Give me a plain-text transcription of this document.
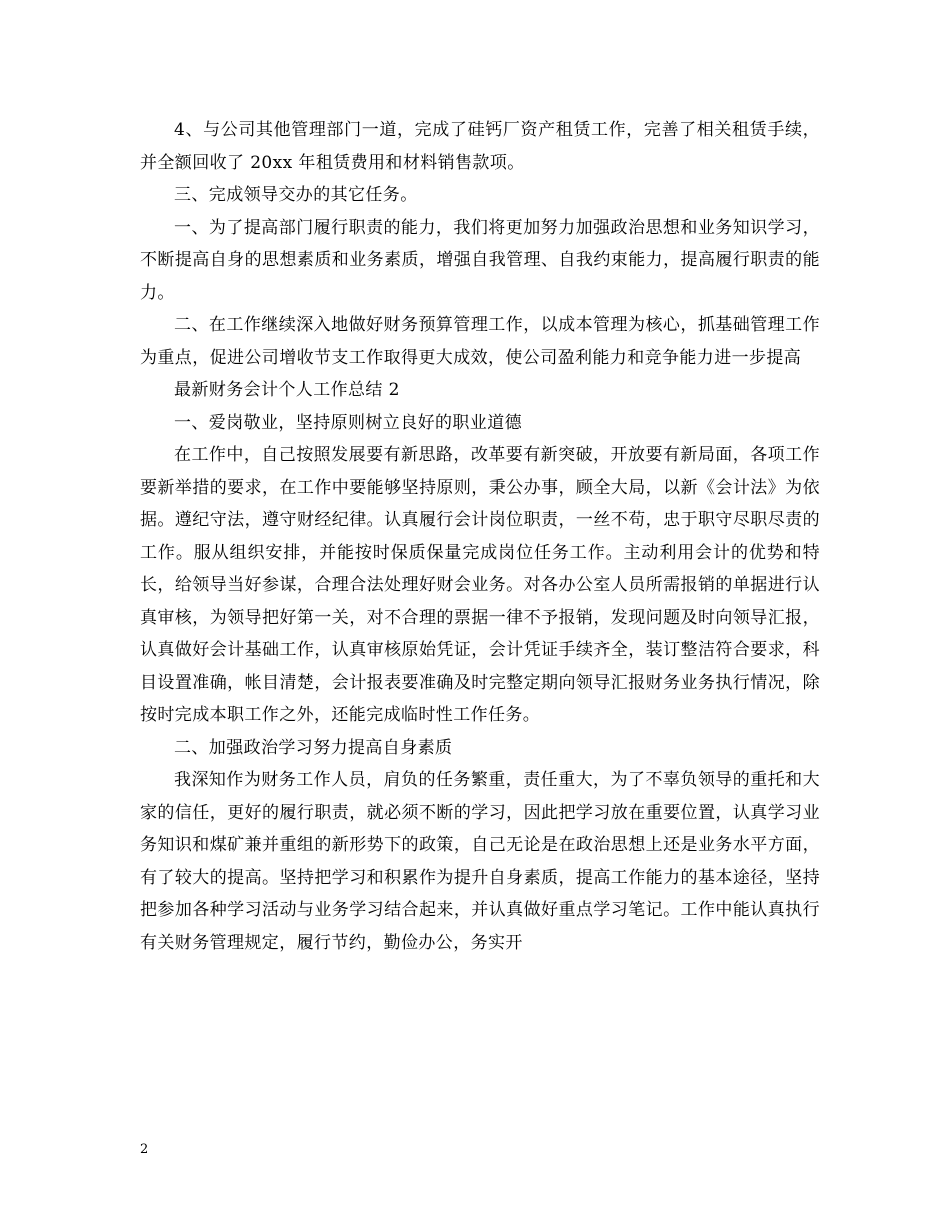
4、与公司其他管理部门一道，完成了硅钙厂资产租赁工作，完善了相关租赁手续，并全额回收了 20xx 年租赁费用和材料销售款项。

三、完成领导交办的其它任务。

一、为了提高部门履行职责的能力，我们将更加努力加强政治思想和业务知识学习，不断提高自身的思想素质和业务素质，增强自我管理、自我约束能力，提高履行职责的能力。

二、在工作继续深入地做好财务预算管理工作，以成本管理为核心，抓基础管理工作为重点，促进公司增收节支工作取得更大成效，使公司盈利能力和竞争能力进一步提高

最新财务会计个人工作总结 2

一、爱岗敬业，坚持原则树立良好的职业道德

在工作中，自己按照发展要有新思路，改革要有新突破，开放要有新局面，各项工作要新举措的要求，在工作中要能够坚持原则，秉公办事，顾全大局，以新《会计法》为依据。遵纪守法，遵守财经纪律。认真履行会计岗位职责，一丝不苟，忠于职守尽职尽责的工作。服从组织安排，并能按时保质保量完成岗位任务工作。主动利用会计的优势和特长，给领导当好参谋，合理合法处理好财会业务。对各办公室人员所需报销的单据进行认真审核，为领导把好第一关，对不合理的票据一律不予报销，发现问题及时向领导汇报，认真做好会计基础工作，认真审核原始凭证，会计凭证手续齐全，装订整洁符合要求，科目设置准确，帐目清楚，会计报表要准确及时完整定期向领导汇报财务业务执行情况，除按时完成本职工作之外，还能完成临时性工作任务。

二、加强政治学习努力提高自身素质

我深知作为财务工作人员，肩负的任务繁重，责任重大，为了不辜负领导的重托和大家的信任，更好的履行职责，就必须不断的学习，因此把学习放在重要位置，认真学习业务知识和煤矿兼并重组的新形势下的政策，自己无论是在政治思想上还是业务水平方面，有了较大的提高。坚持把学习和积累作为提升自身素质，提高工作能力的基本途径，坚持把参加各种学习活动与业务学习结合起来，并认真做好重点学习笔记。工作中能认真执行有关财务管理规定，履行节约，勤俭办公，务实开

2
